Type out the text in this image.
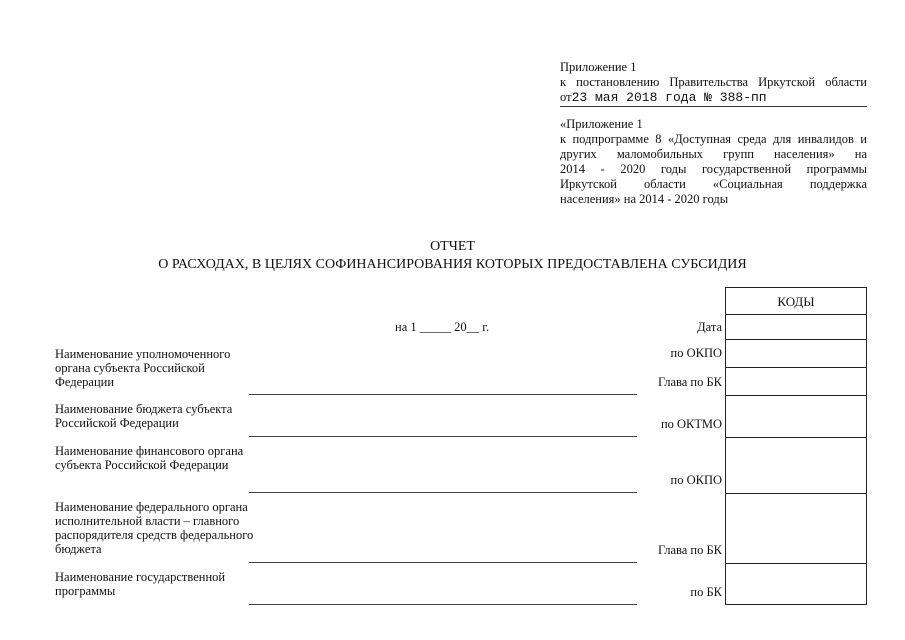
Приложение 1
к постановлению Правительства Иркутской области
от23 мая 2018 года № 388-пп
«Приложение 1
к подпрограмме 8 «Доступная среда для инвалидов и
других маломобильных групп населения» на
2014 - 2020 годы государственной программы
Иркутской области «Социальная поддержка
населения» на 2014 - 2020 годы
ОТЧЕТ
О РАСХОДАХ, В ЦЕЛЯХ СОФИНАНСИРОВАНИЯ КОТОРЫХ ПРЕДОСТАВЛЕНА СУБСИДИЯ
на 1 _____ 20__ г.
КОДЫ
Дата
по ОКПО
Глава по БК
по ОКТМО
по ОКПО
Глава по БК
по БК
Наименование уполномоченного органа субъекта Российской Федерации
Наименование бюджета субъекта Российской Федерации
Наименование финансового органа субъекта Российской Федерации
Наименование федерального органа исполнительной власти – главного распорядителя средств федерального бюджета
Наименование государственной программы
